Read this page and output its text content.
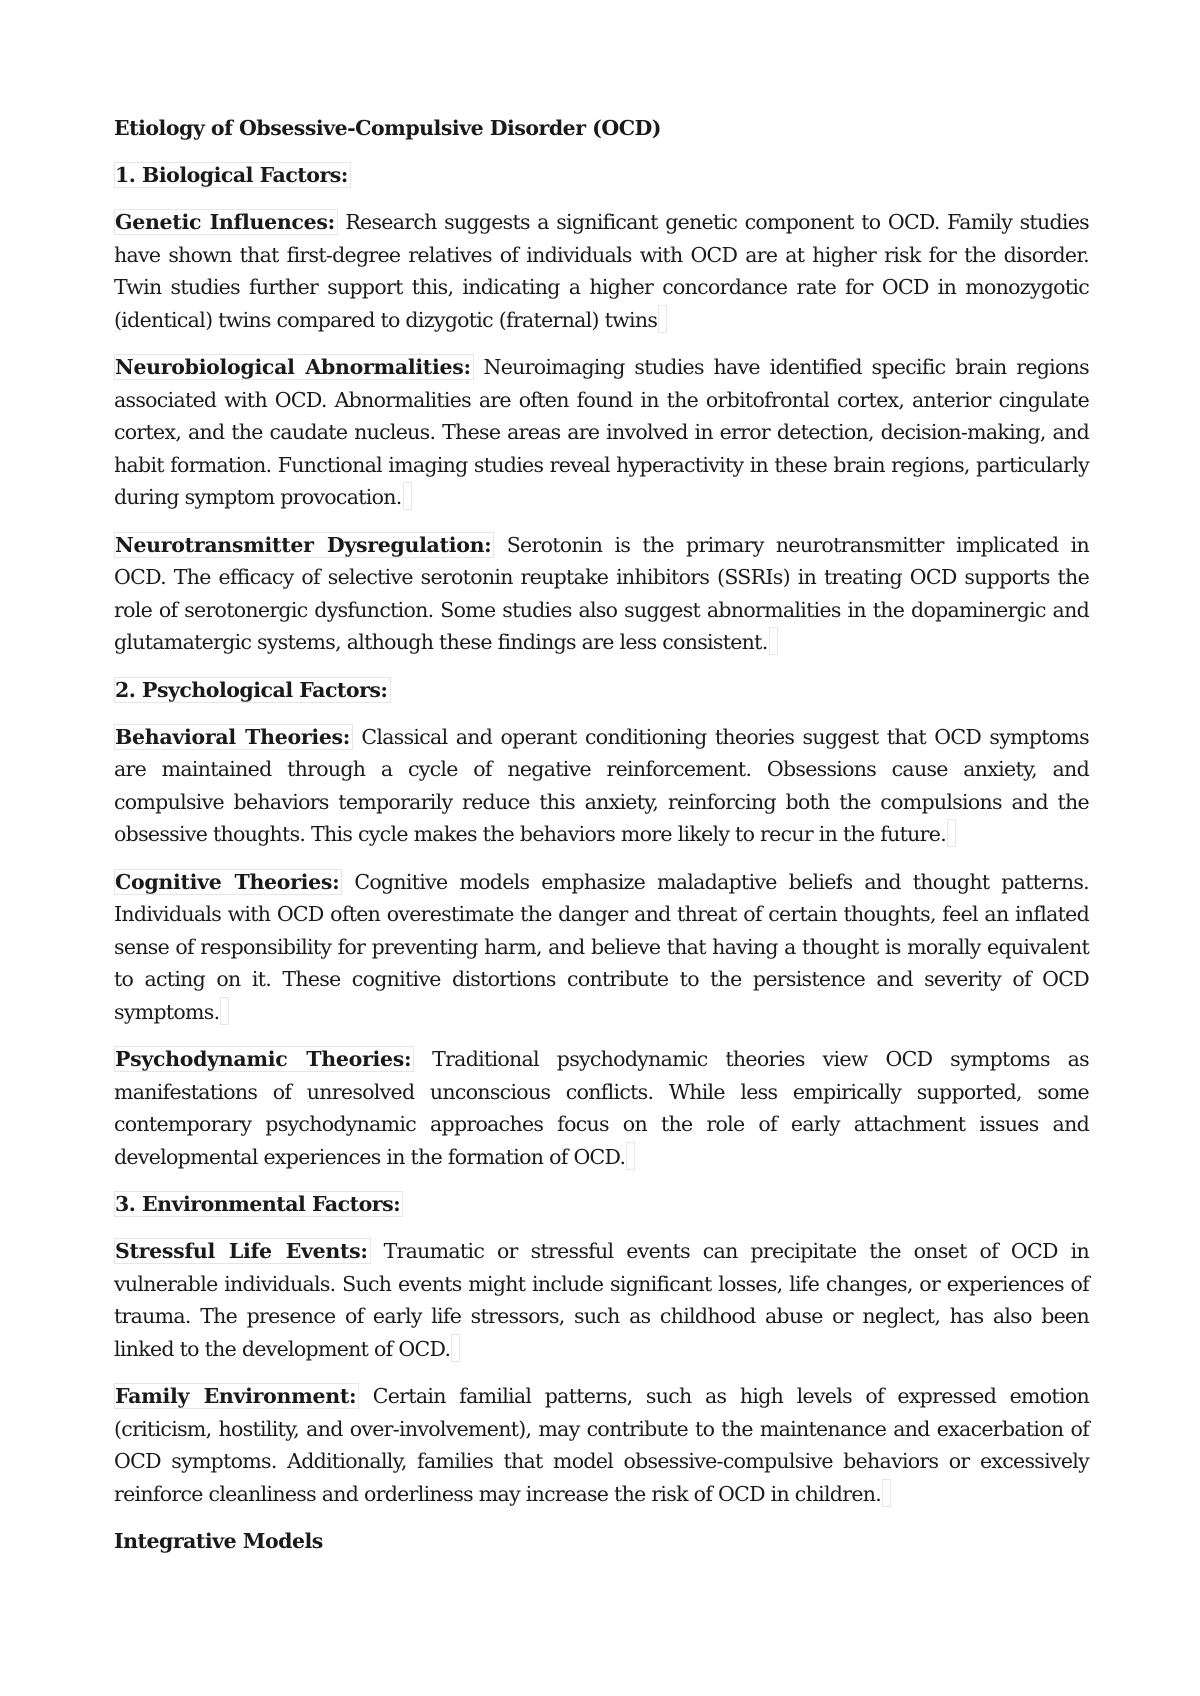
Etiology of Obsessive-Compulsive Disorder (OCD)
1. Biological Factors:

Genetic Influences: Research suggests a significant genetic component to OCD. Family studies have shown that first-degree relatives of individuals with OCD are at higher risk for the disorder. Twin studies further support this, indicating a higher concordance rate for OCD in monozygotic (identical) twins compared to dizygotic (fraternal) twins

Neurobiological Abnormalities: Neuroimaging studies have identified specific brain regions associated with OCD. Abnormalities are often found in the orbitofrontal cortex, anterior cingulate cortex, and the caudate nucleus. These areas are involved in error detection, decision-making, and habit formation. Functional imaging studies reveal hyperactivity in these brain regions, particularly during symptom provocation.

Neurotransmitter Dysregulation: Serotonin is the primary neurotransmitter implicated in OCD. The efficacy of selective serotonin reuptake inhibitors (SSRIs) in treating OCD supports the role of serotonergic dysfunction. Some studies also suggest abnormalities in the dopaminergic and glutamatergic systems, although these findings are less consistent.

2. Psychological Factors:

Behavioral Theories: Classical and operant conditioning theories suggest that OCD symptoms are maintained through a cycle of negative reinforcement. Obsessions cause anxiety, and compulsive behaviors temporarily reduce this anxiety, reinforcing both the compulsions and the obsessive thoughts. This cycle makes the behaviors more likely to recur in the future.

Cognitive Theories: Cognitive models emphasize maladaptive beliefs and thought patterns. Individuals with OCD often overestimate the danger and threat of certain thoughts, feel an inflated sense of responsibility for preventing harm, and believe that having a thought is morally equivalent to acting on it. These cognitive distortions contribute to the persistence and severity of OCD symptoms.

Psychodynamic Theories: Traditional psychodynamic theories view OCD symptoms as manifestations of unresolved unconscious conflicts. While less empirically supported, some contemporary psychodynamic approaches focus on the role of early attachment issues and developmental experiences in the formation of OCD.

3. Environmental Factors:

Stressful Life Events: Traumatic or stressful events can precipitate the onset of OCD in vulnerable individuals. Such events might include significant losses, life changes, or experiences of trauma. The presence of early life stressors, such as childhood abuse or neglect, has also been linked to the development of OCD.

Family Environment: Certain familial patterns, such as high levels of expressed emotion (criticism, hostility, and over-involvement), may contribute to the maintenance and exacerbation of OCD symptoms. Additionally, families that model obsessive-compulsive behaviors or excessively reinforce cleanliness and orderliness may increase the risk of OCD in children.

Integrative Models
